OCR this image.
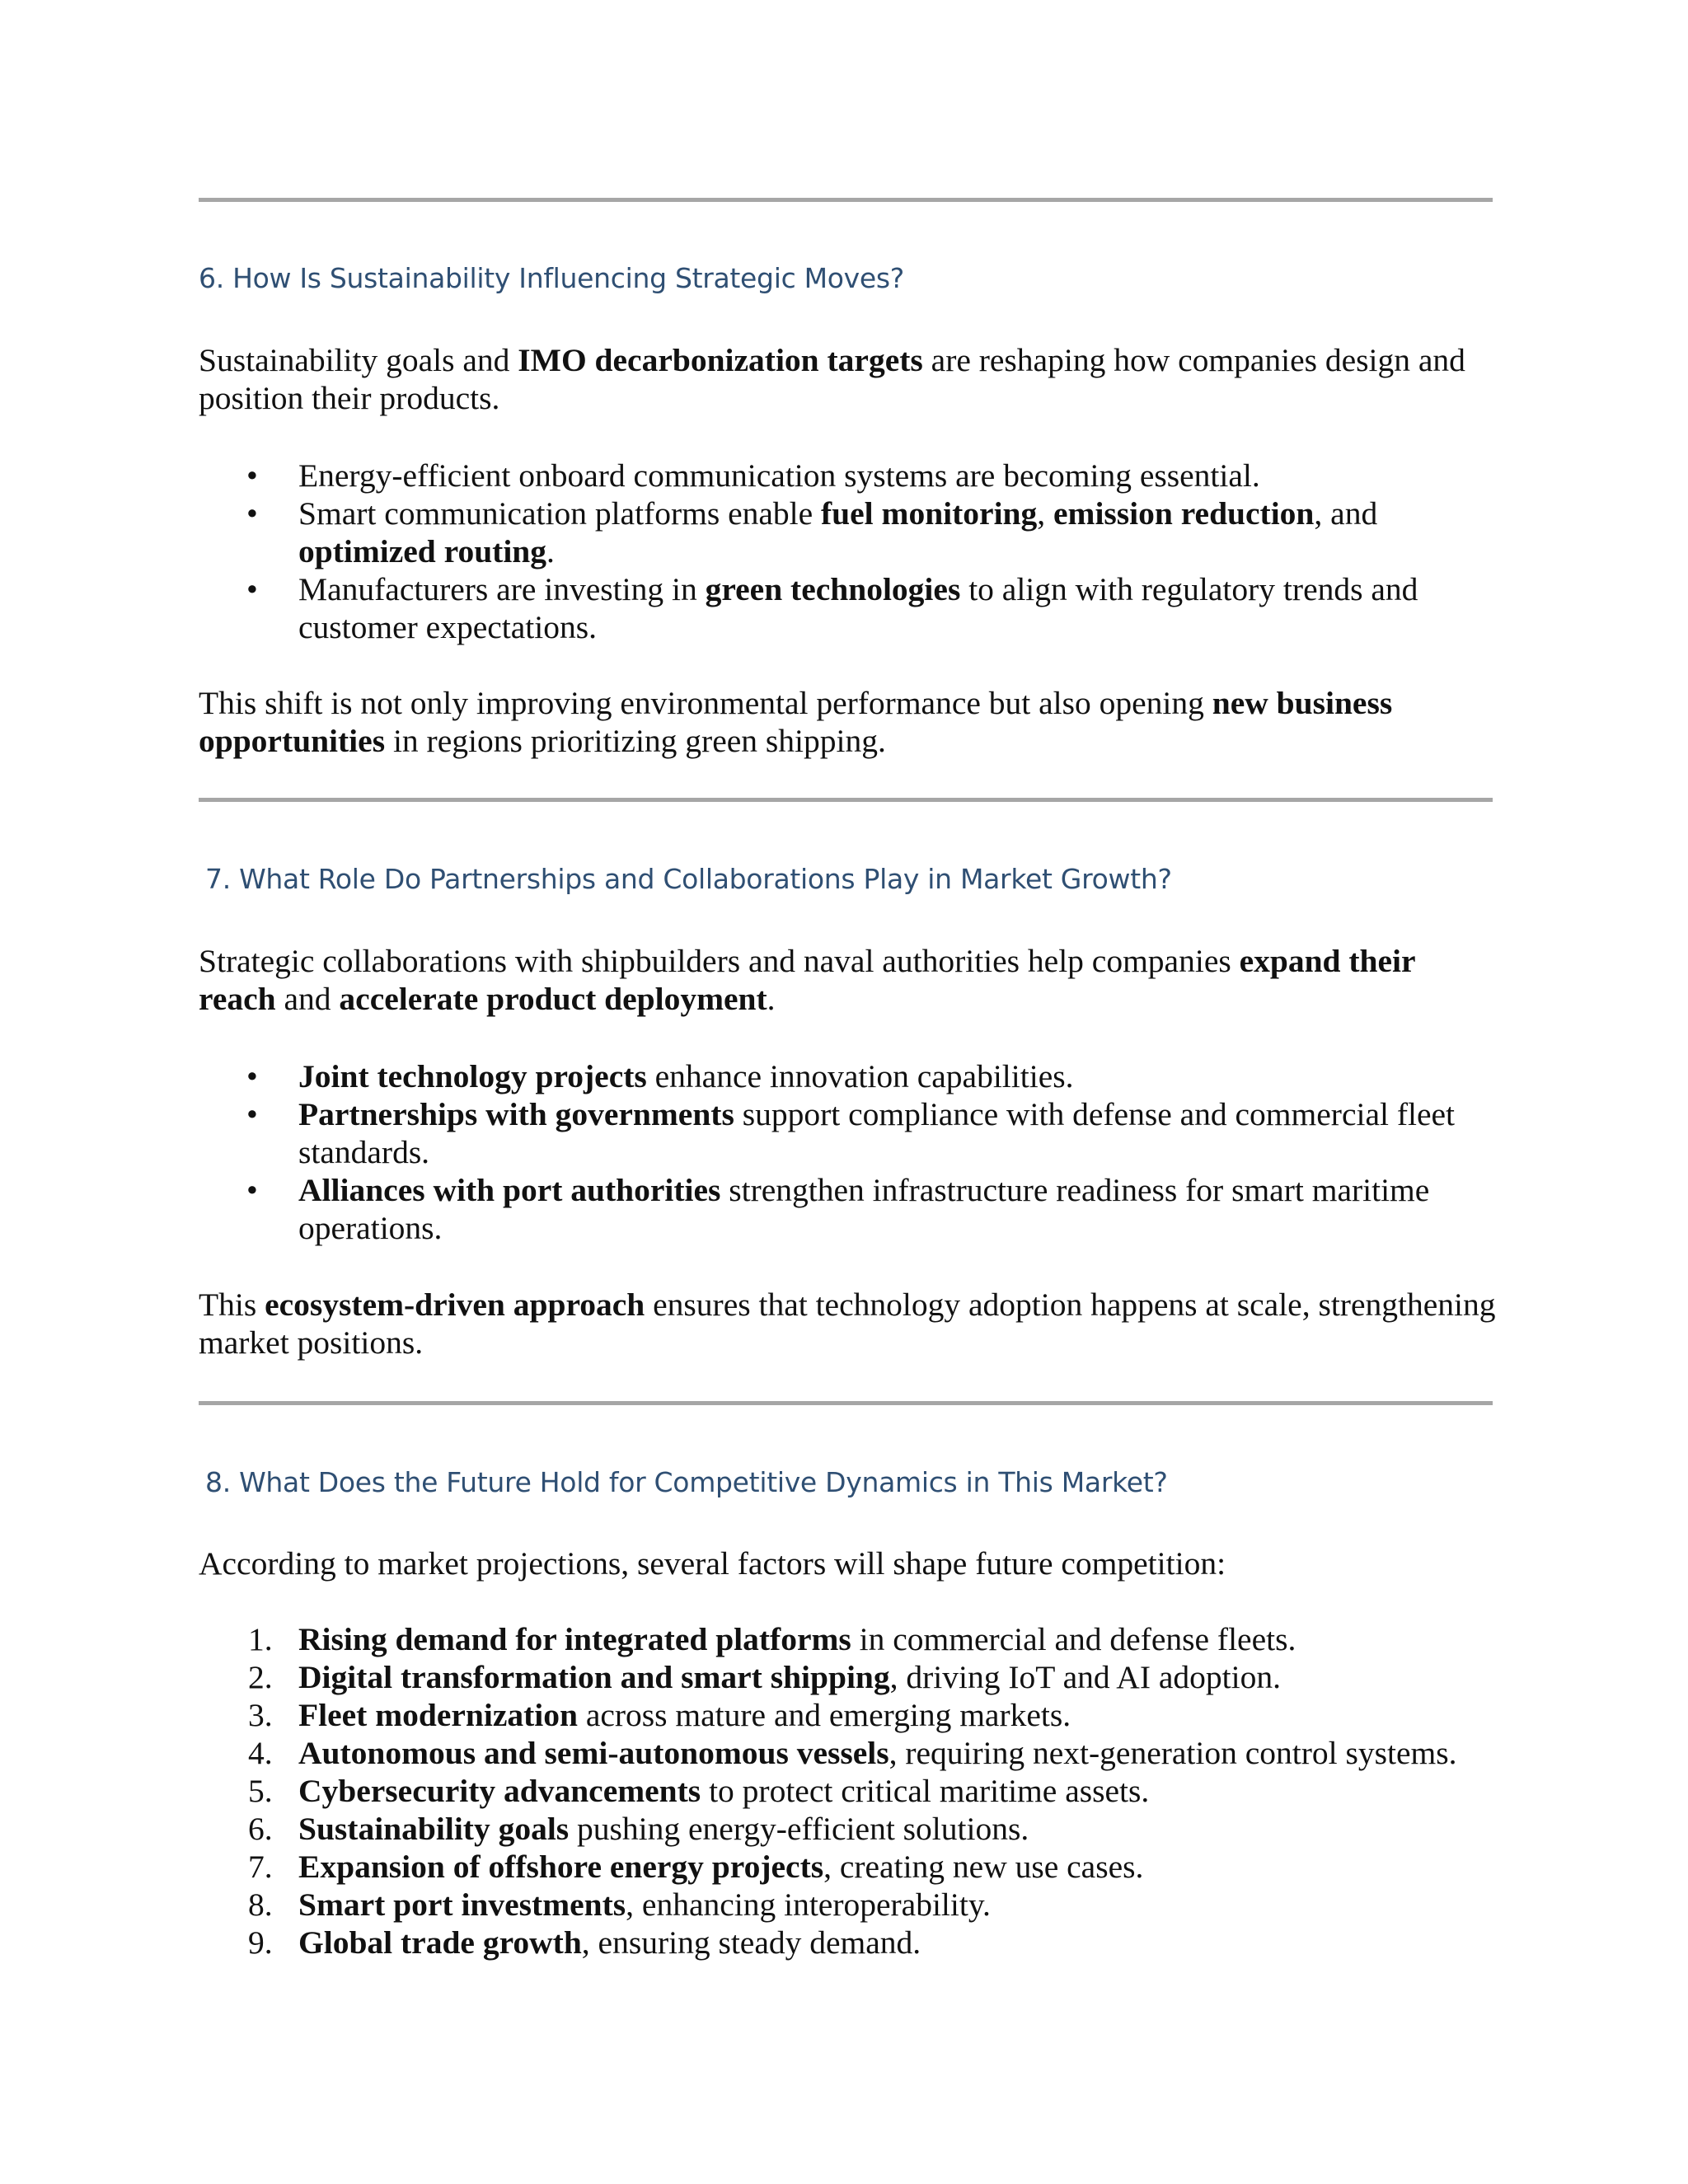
6. How Is Sustainability Influencing Strategic Moves?

Sustainability goals and IMO decarbonization targets are reshaping how companies design and position their products.

• Energy-efficient onboard communication systems are becoming essential.
• Smart communication platforms enable fuel monitoring, emission reduction, and optimized routing.
• Manufacturers are investing in green technologies to align with regulatory trends and customer expectations.

This shift is not only improving environmental performance but also opening new business opportunities in regions prioritizing green shipping.

7. What Role Do Partnerships and Collaborations Play in Market Growth?

Strategic collaborations with shipbuilders and naval authorities help companies expand their reach and accelerate product deployment.

• Joint technology projects enhance innovation capabilities.
• Partnerships with governments support compliance with defense and commercial fleet standards.
• Alliances with port authorities strengthen infrastructure readiness for smart maritime operations.

This ecosystem-driven approach ensures that technology adoption happens at scale, strengthening market positions.

8. What Does the Future Hold for Competitive Dynamics in This Market?

According to market projections, several factors will shape future competition:

1. Rising demand for integrated platforms in commercial and defense fleets.
2. Digital transformation and smart shipping, driving IoT and AI adoption.
3. Fleet modernization across mature and emerging markets.
4. Autonomous and semi-autonomous vessels, requiring next-generation control systems.
5. Cybersecurity advancements to protect critical maritime assets.
6. Sustainability goals pushing energy-efficient solutions.
7. Expansion of offshore energy projects, creating new use cases.
8. Smart port investments, enhancing interoperability.
9. Global trade growth, ensuring steady demand.
